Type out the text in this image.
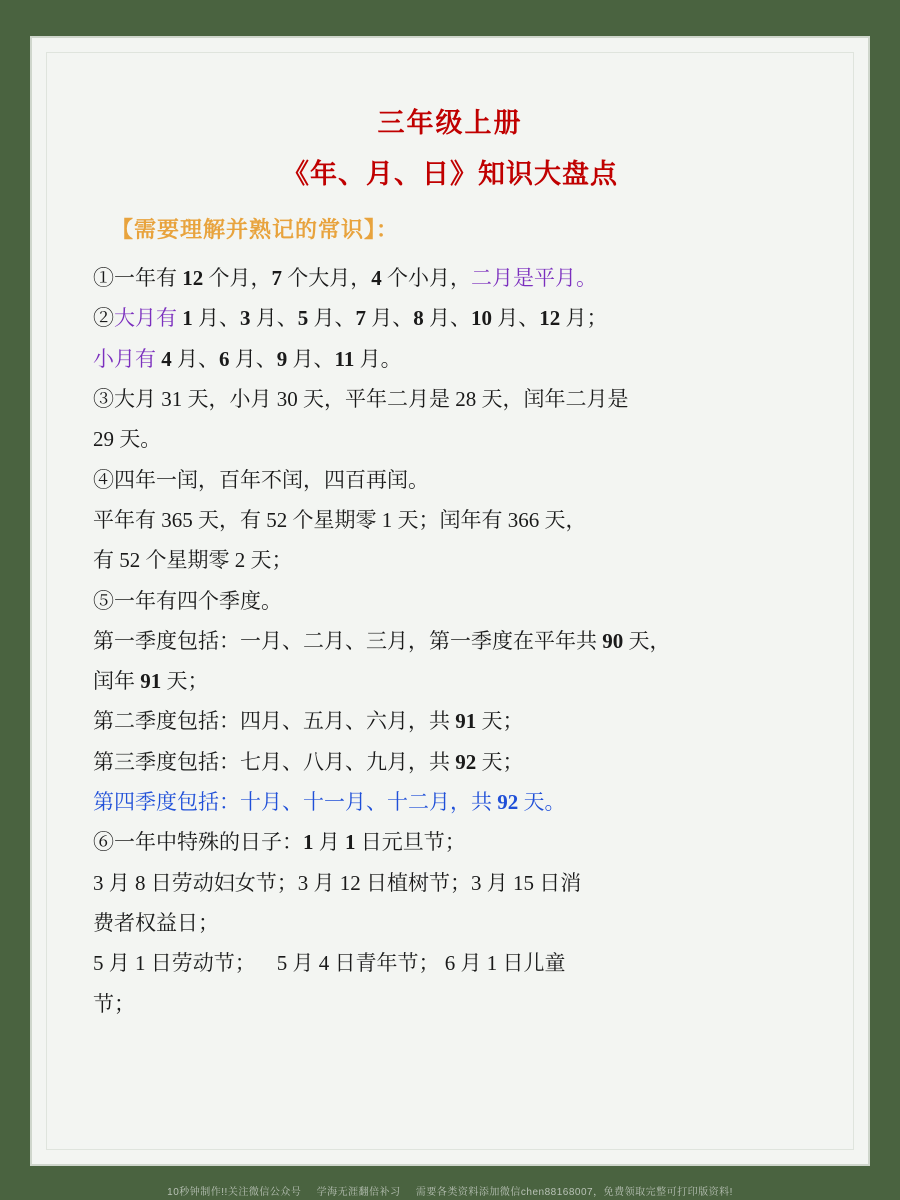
三年级上册
《年、月、日》知识大盘点
【需要理解并熟记的常识】：
①一年有 12 个月，7 个大月，4 个小月，二月是平月。
②大月有 1 月、3 月、5 月、7 月、8 月、10 月、12 月；
小月有 4 月、6 月、9 月、11 月。
③大月 31 天，小月 30 天，平年二月是 28 天，闰年二月是
29 天。
④四年一闰，百年不闰，四百再闰。
平年有 365 天，有 52 个星期零 1 天；闰年有 366 天，
有 52 个星期零 2 天；
⑤一年有四个季度。
第一季度包括：一月、二月、三月，第一季度在平年共 90 天，
闰年 91 天；
第二季度包括：四月、五月、六月，共 91 天；
第三季度包括：七月、八月、九月，共 92 天；
第四季度包括：十月、十一月、十二月，共 92 天。
⑥一年中特殊的日子：1 月 1 日元旦节；
3 月 8 日劳动妇女节；3 月 12 日植树节；3 月 15 日消
费者权益日；
5 月 1 日劳动节；    5 月 4 日青年节； 6 月 1 日儿童
节；
10秒钟制作!!关注微信公众号 学海无涯翻倍补习 需要各类资料添加微信chen88168007，免费领取完整可打印版资料!
